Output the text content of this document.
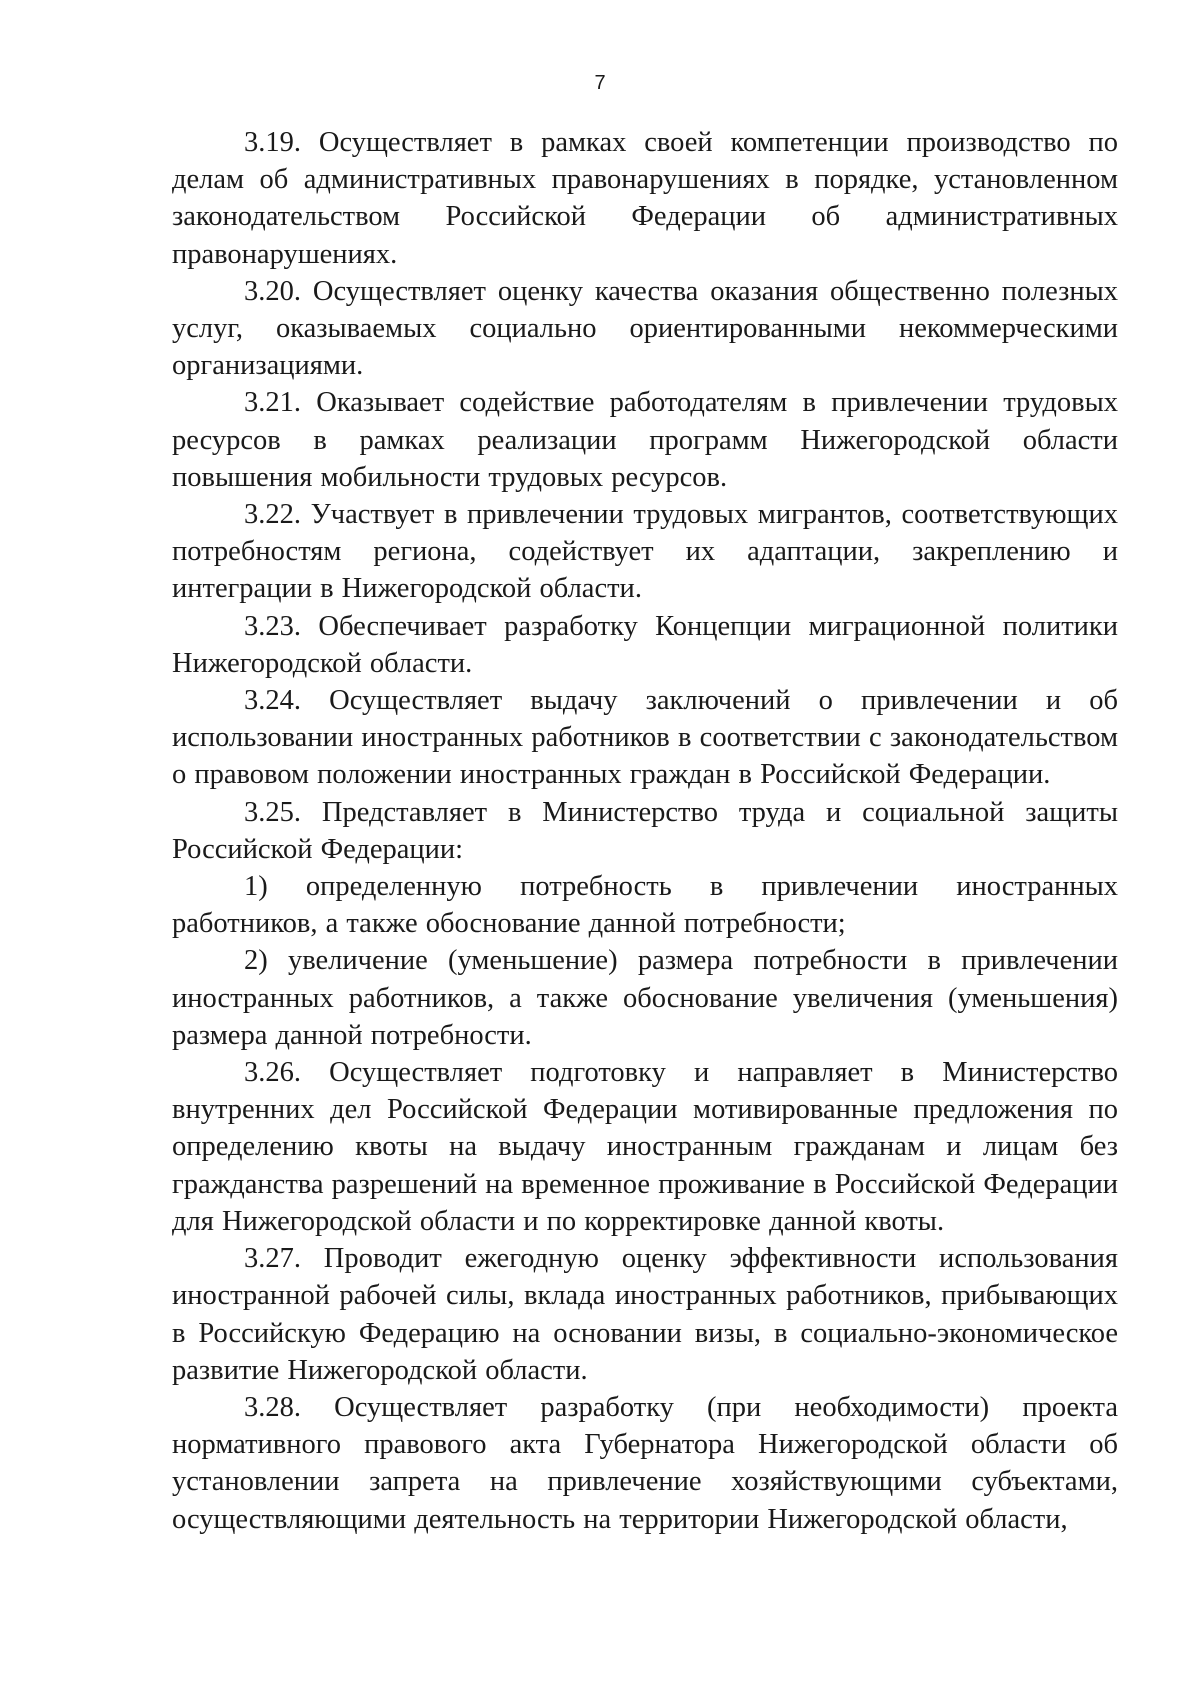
7

3.19. Осуществляет в рамках своей компетенции производство по делам об административных правонарушениях в порядке, установленном законодательством Российской Федерации об административных правонарушениях.

3.20. Осуществляет оценку качества оказания общественно полезных услуг, оказываемых социально ориентированными некоммерческими организациями.

3.21. Оказывает содействие работодателям в привлечении трудовых ресурсов в рамках реализации программ Нижегородской области повышения мобильности трудовых ресурсов.

3.22. Участвует в привлечении трудовых мигрантов, соответствующих потребностям региона, содействует их адаптации, закреплению и интеграции в Нижегородской области.

3.23. Обеспечивает разработку Концепции миграционной политики Нижегородской области.

3.24. Осуществляет выдачу заключений о привлечении и об использовании иностранных работников в соответствии с законодательством о правовом положении иностранных граждан в Российской Федерации.

3.25. Представляет в Министерство труда и социальной защиты Российской Федерации:

1) определенную потребность в привлечении иностранных работников, а также обоснование данной потребности;

2) увеличение (уменьшение) размера потребности в привлечении иностранных работников, а также обоснование увеличения (уменьшения) размера данной потребности.

3.26. Осуществляет подготовку и направляет в Министерство внутренних дел Российской Федерации мотивированные предложения по определению квоты на выдачу иностранным гражданам и лицам без гражданства разрешений на временное проживание в Российской Федерации для Нижегородской области и по корректировке данной квоты.

3.27. Проводит ежегодную оценку эффективности использования иностранной рабочей силы, вклада иностранных работников, прибывающих в Российскую Федерацию на основании визы, в социально-экономическое развитие Нижегородской области.

3.28. Осуществляет разработку (при необходимости) проекта нормативного правового акта Губернатора Нижегородской области об установлении запрета на привлечение хозяйствующими субъектами, осуществляющими деятельность на территории Нижегородской области,
